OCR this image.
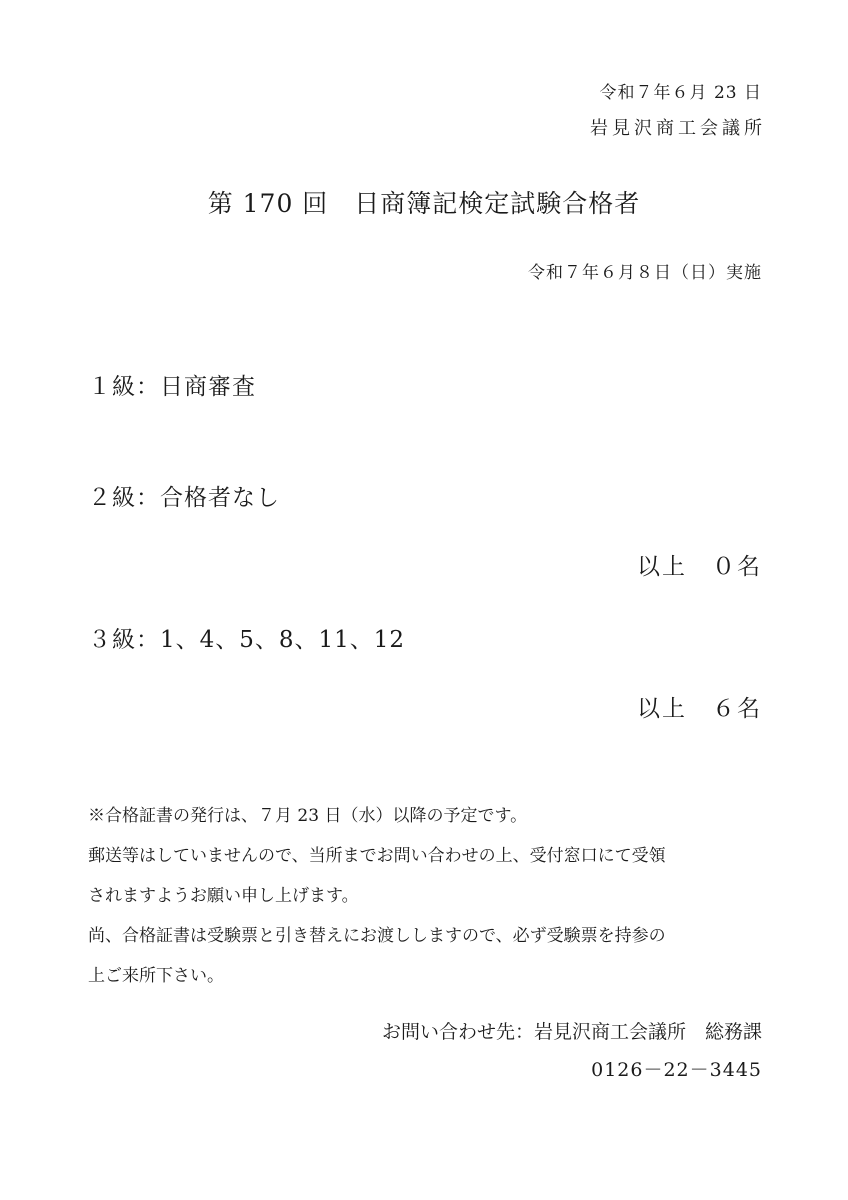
令和７年６月 23 日
岩見沢商工会議所
第 170 回　日商簿記検定試験合格者
令和７年６月８日（日）実施
１級：日商審査
２級：合格者なし
以上　０名
３級：1、4、5、8、11、12
以上　６名
※合格証書の発行は、７月 23 日（水）以降の予定です。
郵送等はしていませんので、当所までお問い合わせの上、受付窓口にて受領
されますようお願い申し上げます。
尚、合格証書は受験票と引き替えにお渡ししますので、必ず受験票を持参の
上ご来所下さい。
お問い合わせ先：岩見沢商工会議所　総務課
0126－22－3445
